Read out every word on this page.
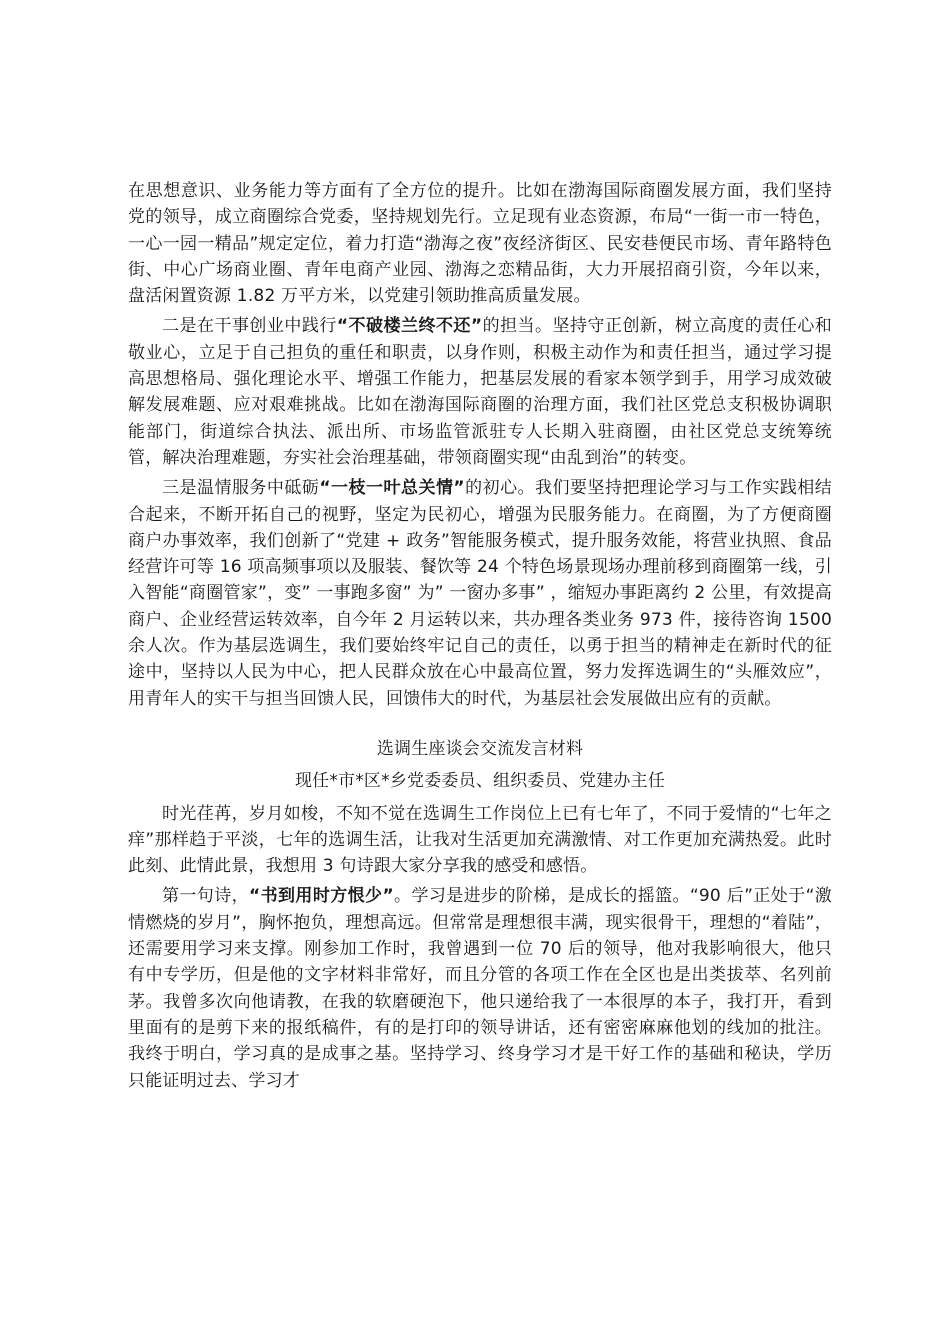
在思想意识、业务能力等方面有了全方位的提升。比如在渤海国际商圈发展方面，我们坚持党的领导，成立商圈综合党委，坚持规划先行。立足现有业态资源，布局“一街一市一特色，一心一园一精品”规定定位，着力打造“渤海之夜”夜经济街区、民安巷便民市场、青年路特色街、中心广场商业圈、青年电商产业园、渤海之恋精品街，大力开展招商引资，今年以来，盘活闲置资源 1.82 万平方米，以党建引领助推高质量发展。

二是在干事创业中践行“不破楼兰终不还”的担当。坚持守正创新，树立高度的责任心和敬业心，立足于自己担负的重任和职责，以身作则，积极主动作为和责任担当，通过学习提高思想格局、强化理论水平、增强工作能力，把基层发展的看家本领学到手，用学习成效破解发展难题、应对艰难挑战。比如在渤海国际商圈的治理方面，我们社区党总支积极协调职能部门，街道综合执法、派出所、市场监管派驻专人长期入驻商圈，由社区党总支统筹统管，解决治理难题，夯实社会治理基础，带领商圈实现“由乱到治”的转变。

三是温情服务中砥砺“一枝一叶总关情”的初心。我们要坚持把理论学习与工作实践相结合起来，不断开拓自己的视野，坚定为民初心，增强为民服务能力。在商圈，为了方便商圈商户办事效率，我们创新了“党建 + 政务”智能服务模式，提升服务效能，将营业执照、食品经营许可等 16 项高频事项以及服装、餐饮等 24 个特色场景现场办理前移到商圈第一线，引入智能“商圈管家”，变” 一事跑多窗” 为” 一窗办多事” ，缩短办事距离约 2 公里，有效提高商户、企业经营运转效率，自今年 2 月运转以来，共办理各类业务 973 件，接待咨询 1500 余人次。作为基层选调生，我们要始终牢记自己的责任，以勇于担当的精神走在新时代的征途中，坚持以人民为中心，把人民群众放在心中最高位置，努力发挥选调生的“头雁效应”，用青年人的实干与担当回馈人民，回馈伟大的时代，为基层社会发展做出应有的贡献。

选调生座谈会交流发言材料
现任*市*区*乡党委委员、组织委员、党建办主任

时光荏苒，岁月如梭，不知不觉在选调生工作岗位上已有七年了，不同于爱情的“七年之痒”那样趋于平淡，七年的选调生活，让我对生活更加充满激情、对工作更加充满热爱。此时此刻、此情此景，我想用 3 句诗跟大家分享我的感受和感悟。

第一句诗，“书到用时方恨少”。学习是进步的阶梯，是成长的摇篮。“90 后”正处于“激情燃烧的岁月”，胸怀抱负，理想高远。但常常是理想很丰满，现实很骨干，理想的“着陆”，还需要用学习来支撑。刚参加工作时，我曾遇到一位 70 后的领导，他对我影响很大，他只有中专学历，但是他的文字材料非常好，而且分管的各项工作在全区也是出类拔萃、名列前茅。我曾多次向他请教，在我的软磨硬泡下，他只递给我了一本很厚的本子，我打开，看到里面有的是剪下来的报纸稿件，有的是打印的领导讲话，还有密密麻麻他划的线加的批注。我终于明白，学习真的是成事之基。坚持学习、终身学习才是干好工作的基础和秘诀，学历只能证明过去、学习才
